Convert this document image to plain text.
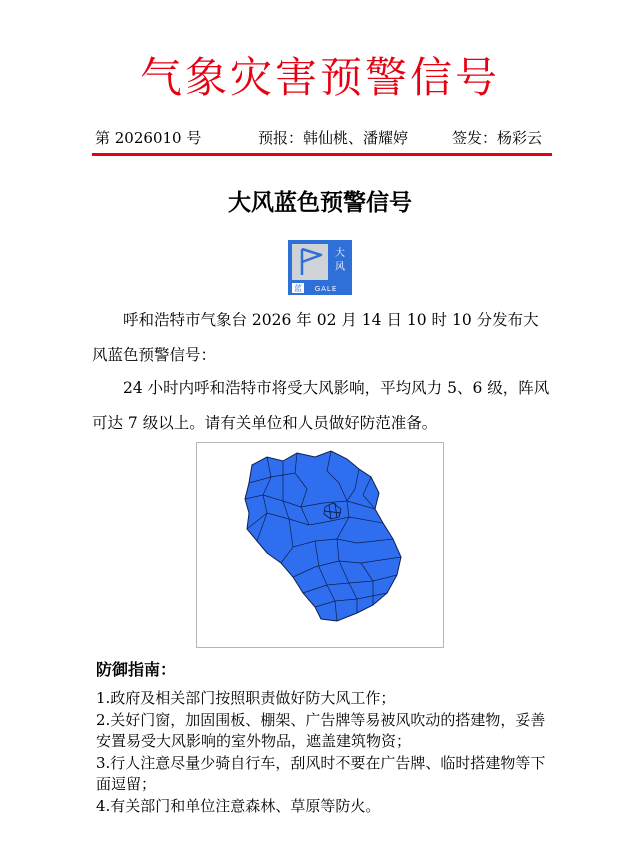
气象灾害预警信号
第 2026010 号	预报：韩仙桃、潘耀婷	签发：杨彩云
大风蓝色预警信号
大
风
蓝 GALE

呼和浩特市气象台 2026 年 02 月 14 日 10 时 10 分发布大风蓝色预警信号：

24 小时内呼和浩特市将受大风影响，平均风力 5、6 级，阵风可达 7 级以上。请有关单位和人员做好防范准备。

防御指南：
1.政府及相关部门按照职责做好防大风工作；
2.关好门窗，加固围板、棚架、广告牌等易被风吹动的搭建物，妥善安置易受大风影响的室外物品，遮盖建筑物资；
3.行人注意尽量少骑自行车，刮风时不要在广告牌、临时搭建物等下面逗留；
4.有关部门和单位注意森林、草原等防火。
